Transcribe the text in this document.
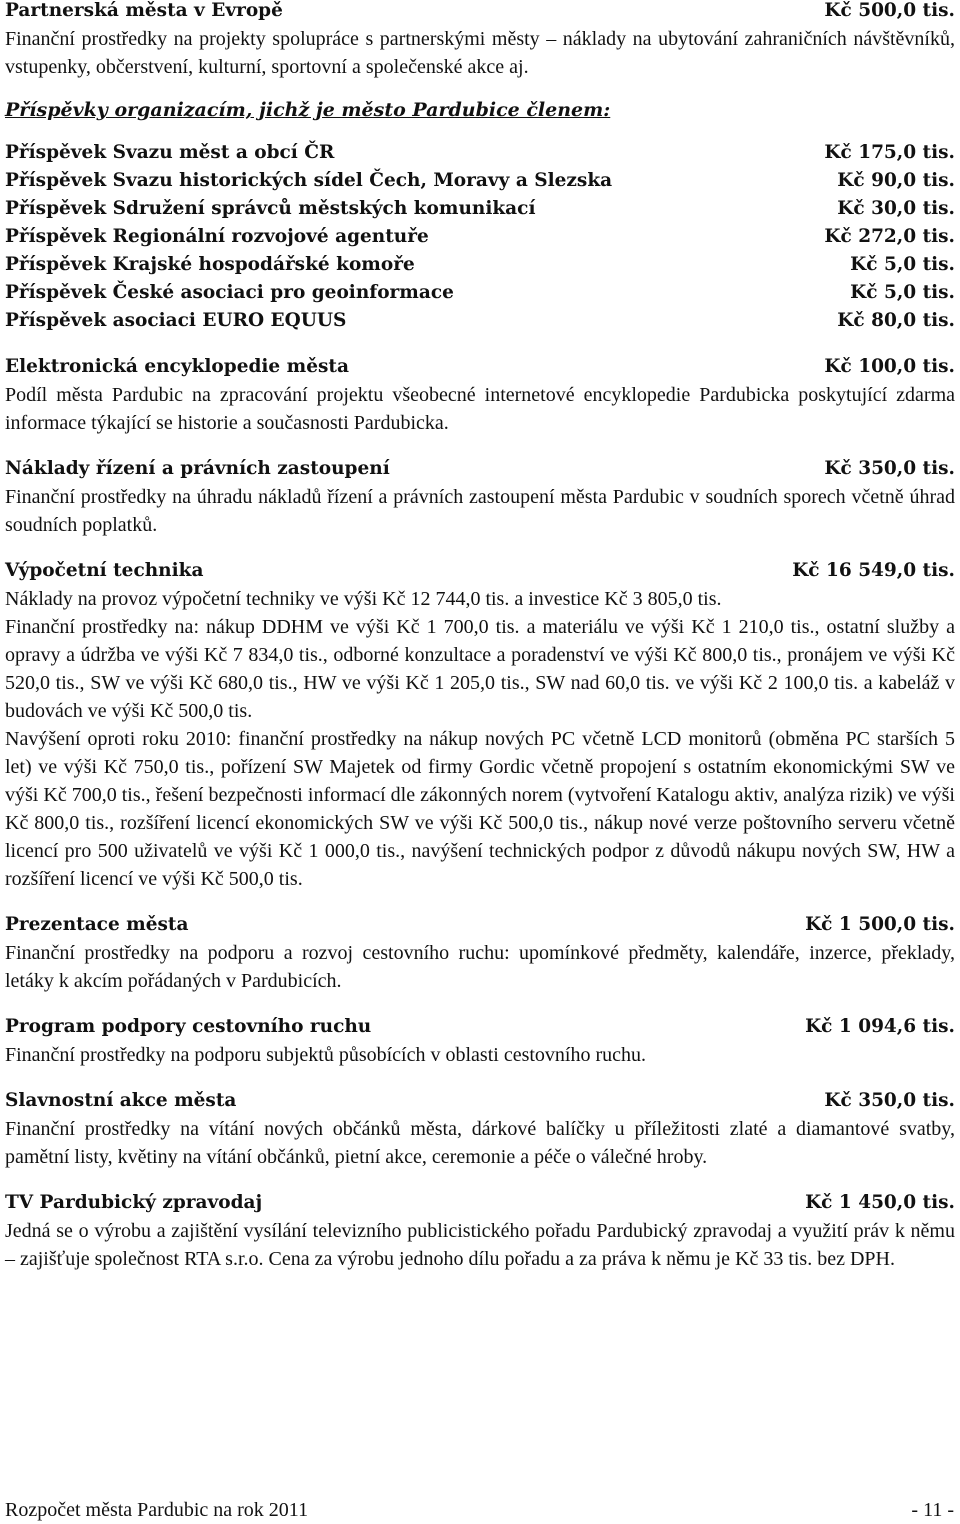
Partnerská města v Evropě	Kč 500,0 tis.

Finanční prostředky na projekty spolupráce s partnerskými městy – náklady na ubytování zahraničních návštěvníků, vstupenky, občerstvení, kulturní, sportovní a společenské akce aj.

Příspěvky organizacím, jichž je město Pardubice členem:

Příspěvek Svazu měst a obcí ČR	Kč 175,0 tis.
Příspěvek Svazu historických sídel Čech, Moravy a Slezska	Kč 90,0 tis.
Příspěvek Sdružení správců městských komunikací	Kč 30,0 tis.
Příspěvek Regionální rozvojové agentuře	Kč 272,0 tis.
Příspěvek Krajské hospodářské komoře	Kč 5,0 tis.
Příspěvek České asociaci pro geoinformace	Kč 5,0 tis.
Příspěvek asociaci EURO EQUUS	Kč 80,0 tis.
Elektronická encyklopedie města	Kč 100,0 tis.

Podíl města Pardubic na zpracování projektu všeobecné internetové encyklopedie Pardubicka poskytující zdarma informace týkající se historie a současnosti Pardubicka.

Náklady řízení a právních zastoupení	Kč 350,0 tis.

Finanční prostředky na úhradu nákladů řízení a právních zastoupení města Pardubic v soudních sporech včetně úhrad soudních poplatků.

Výpočetní technika	Kč 16 549,0 tis.

Náklady na provoz výpočetní techniky ve výši Kč 12 744,0 tis. a investice Kč 3 805,0 tis.

Finanční prostředky na: nákup DDHM ve výši Kč 1 700,0 tis. a materiálu ve výši Kč 1 210,0 tis., ostatní služby a opravy a údržba ve výši Kč 7 834,0 tis., odborné konzultace a poradenství ve výši Kč 800,0 tis., pronájem ve výši Kč 520,0 tis., SW ve výši Kč 680,0 tis., HW ve výši Kč 1 205,0 tis., SW nad 60,0 tis. ve výši Kč 2 100,0 tis. a kabeláž v budovách ve výši Kč 500,0 tis.

Navýšení oproti roku 2010: finanční prostředky na nákup nových PC včetně LCD monitorů (obměna PC starších 5 let) ve výši Kč 750,0 tis., pořízení SW Majetek od firmy Gordic včetně propojení s ostatním ekonomickými SW ve výši Kč 700,0 tis., řešení bezpečnosti informací dle zákonných norem (vytvoření Katalogu aktiv, analýza rizik) ve výši Kč 800,0 tis., rozšíření licencí ekonomických SW ve výši Kč 500,0 tis., nákup nové verze poštovního serveru včetně licencí pro 500 uživatelů ve výši Kč 1 000,0 tis., navýšení technických podpor z důvodů nákupu nových SW, HW a rozšíření licencí ve výši Kč 500,0 tis.

Prezentace města	Kč 1 500,0 tis.

Finanční prostředky na podporu a rozvoj cestovního ruchu: upomínkové předměty, kalendáře, inzerce, překlady, letáky k akcím pořádaných v Pardubicích.

Program podpory cestovního ruchu	Kč 1 094,6 tis.

Finanční prostředky na podporu subjektů působících v oblasti cestovního ruchu.

Slavnostní akce města	Kč 350,0 tis.

Finanční prostředky na vítání nových občánků města, dárkové balíčky u příležitosti zlaté a diamantové svatby, pamětní listy, květiny na vítání občánků, pietní akce, ceremonie a péče o válečné hroby.

TV Pardubický zpravodaj	Kč 1 450,0 tis.

Jedná se o výrobu a zajištění vysílání televizního publicistického pořadu Pardubický zpravodaj a využití práv k němu – zajišťuje společnost RTA s.r.o. Cena za výrobu jednoho dílu pořadu a za práva k němu je Kč 33 tis. bez DPH.

Rozpočet města Pardubic na rok 2011	- 11 -
